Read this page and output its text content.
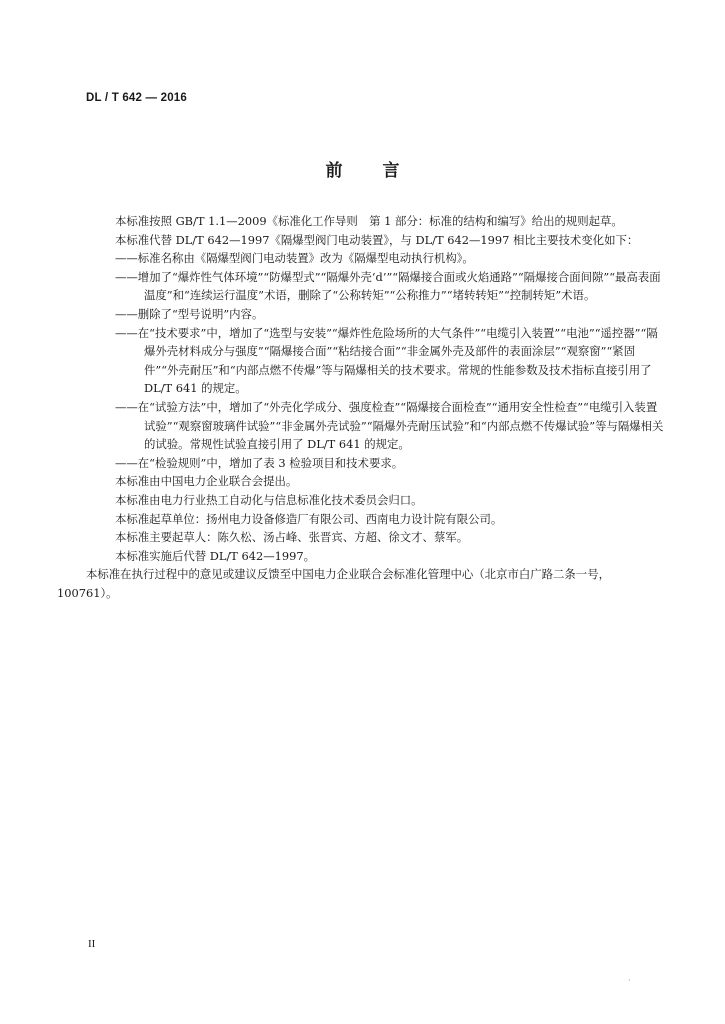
DL / T 642 — 2016
前言
本标准按照 GB/T 1.1—2009《标准化工作导则　第 1 部分：标准的结构和编写》给出的规则起草。
本标准代替 DL/T 642—1997《隔爆型阀门电动装置》，与 DL/T 642—1997 相比主要技术变化如下：
——标准名称由《隔爆型阀门电动装置》改为《隔爆型电动执行机构》。
——增加了“爆炸性气体环境”“防爆型式”“隔爆外壳‘d’”“隔爆接合面或火焰通路”“隔爆接合面间隙”“最高表面温度”和“连续运行温度”术语，删除了“公称转矩”“公称推力”“堵转转矩”“控制转矩”术语。
——删除了“型号说明”内容。
——在“技术要求”中，增加了“选型与安装”“爆炸性危险场所的大气条件”“电缆引入装置”“电池”“遥控器”“隔爆外壳材料成分与强度”“隔爆接合面”“粘结接合面”“非金属外壳及部件的表面涂层”“观察窗”“紧固件”“外壳耐压”和“内部点燃不传爆”等与隔爆相关的技术要求。常规的性能参数及技术指标直接引用了 DL/T 641 的规定。
——在“试验方法”中，增加了“外壳化学成分、强度检查”“隔爆接合面检查”“通用安全性检查”“电缆引入装置试验”“观察窗玻璃件试验”“非金属外壳试验”“隔爆外壳耐压试验”和“内部点燃不传爆试验”等与隔爆相关的试验。常规性试验直接引用了 DL/T 641 的规定。
——在“检验规则”中，增加了表 3 检验项目和技术要求。
本标准由中国电力企业联合会提出。
本标准由电力行业热工自动化与信息标准化技术委员会归口。
本标准起草单位：扬州电力设备修造厂有限公司、西南电力设计院有限公司。
本标准主要起草人：陈久松、汤占峰、张晋宾、方超、徐文才、蔡军。
本标准实施后代替 DL/T 642—1997。
本标准在执行过程中的意见或建议反馈至中国电力企业联合会标准化管理中心（北京市白广路二条一号，100761）。
II
·
